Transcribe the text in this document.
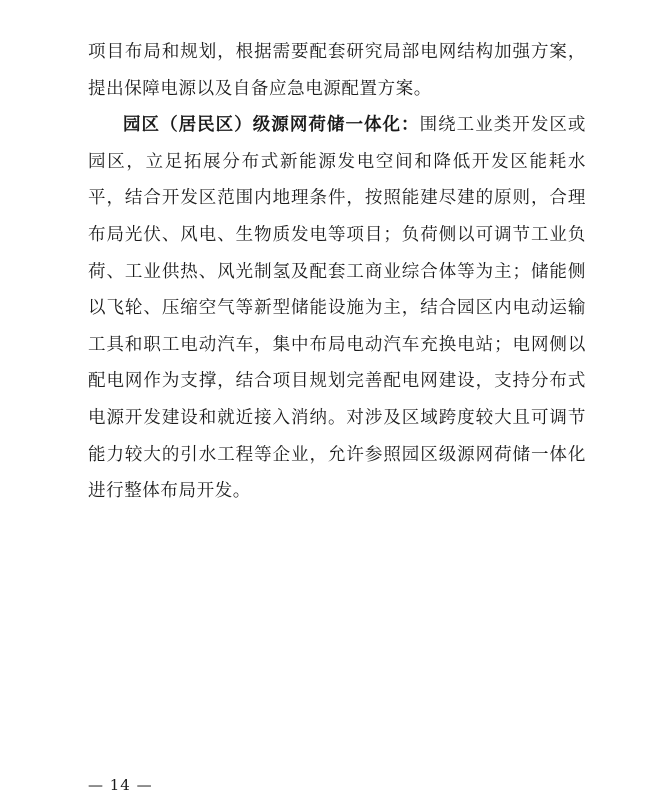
项目布局和规划，根据需要配套研究局部电网结构加强方案，提出保障电源以及自备应急电源配置方案。

园区（居民区）级源网荷储一体化：围绕工业类开发区或园区，立足拓展分布式新能源发电空间和降低开发区能耗水平，结合开发区范围内地理条件，按照能建尽建的原则，合理布局光伏、风电、生物质发电等项目；负荷侧以可调节工业负荷、工业供热、风光制氢及配套工商业综合体等为主；储能侧以飞轮、压缩空气等新型储能设施为主，结合园区内电动运输工具和职工电动汽车，集中布局电动汽车充换电站；电网侧以配电网作为支撑，结合项目规划完善配电网建设，支持分布式电源开发建设和就近接入消纳。对涉及区域跨度较大且可调节能力较大的引水工程等企业，允许参照园区级源网荷储一体化进行整体布局开发。

— 14 —
